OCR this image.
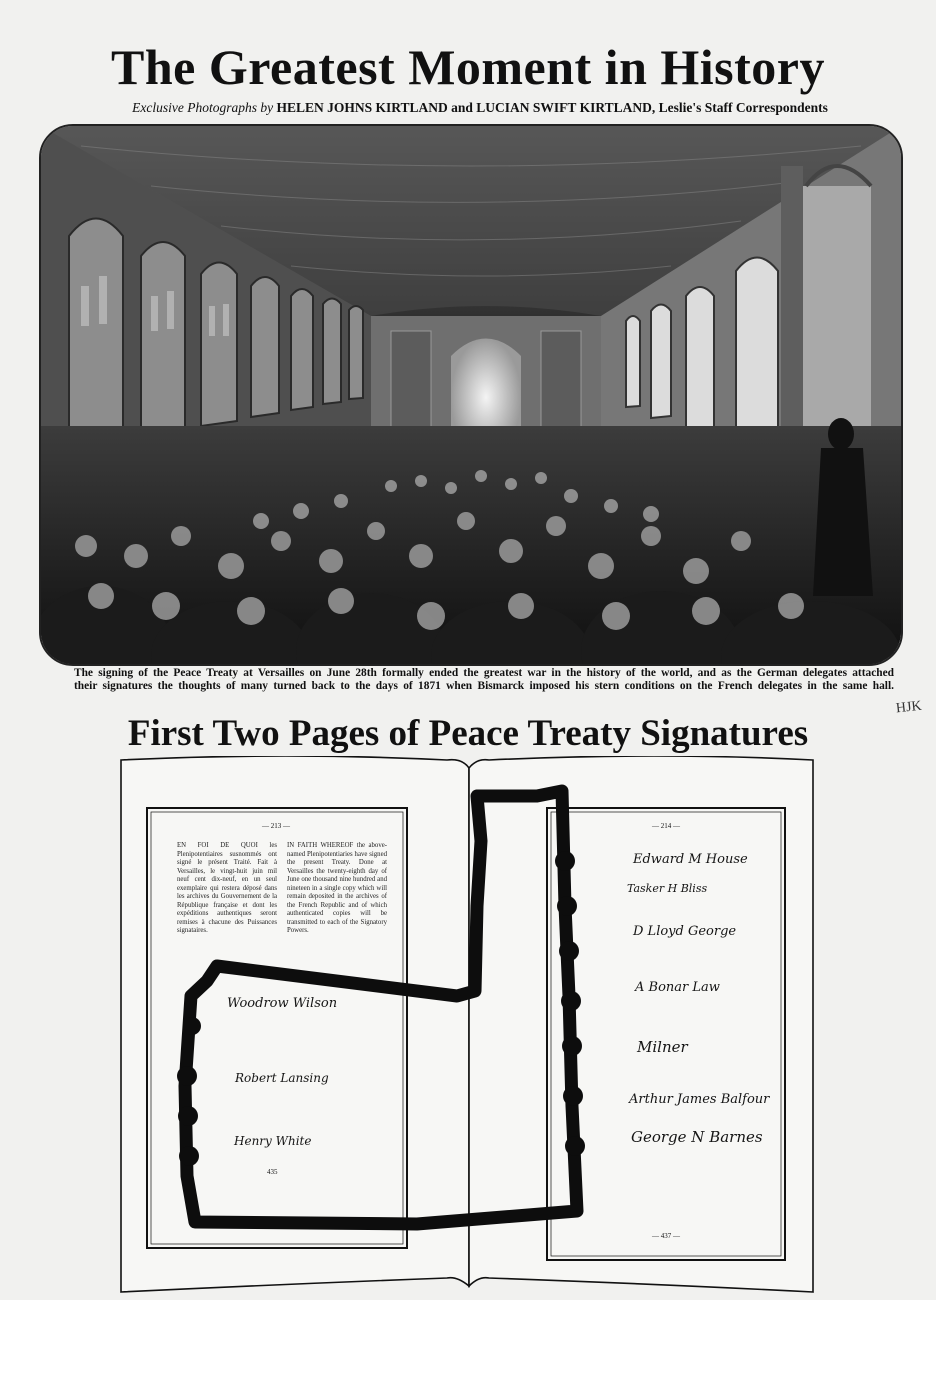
The Greatest Moment in History
Exclusive Photographs by HELEN JOHNS KIRTLAND and LUCIAN SWIFT KIRTLAND, Leslie's Staff Correspondents
The signing of the Peace Treaty at Versailles on June 28th formally ended the greatest war in the history of the world, and as the German delegates attached
their signatures the thoughts of many turned back to the days of 1871 when Bismarck imposed his stern conditions on the French delegates in the same hall.
HJK
First Two Pages of Peace Treaty Signatures
— 213 —
EN FOI DE QUOI les Plenipotentiaires susnommés ont signé le présent Traité. Fait à Versailles, le vingt-huit juin mil neuf cent dix-neuf, en un seul exemplaire qui restera déposé dans les archives du Gouvernement de la République française et dont les expéditions authentiques seront remises à chacune des Puissances signataires.
IN FAITH WHEREOF the above-named Plenipotentiaries have signed the present Treaty. Done at Versailles the twenty-eighth day of June one thousand nine hundred and nineteen in a single copy which will remain deposited in the archives of the French Republic and of which authenticated copies will be transmitted to each of the Signatory Powers.
Woodrow Wilson
Robert Lansing
Henry White
435
— 214 —
Tasker H Bliss
Edward M House
D Lloyd George
A Bonar Law
Milner
Arthur James Balfour
George N Barnes
— 437 —
